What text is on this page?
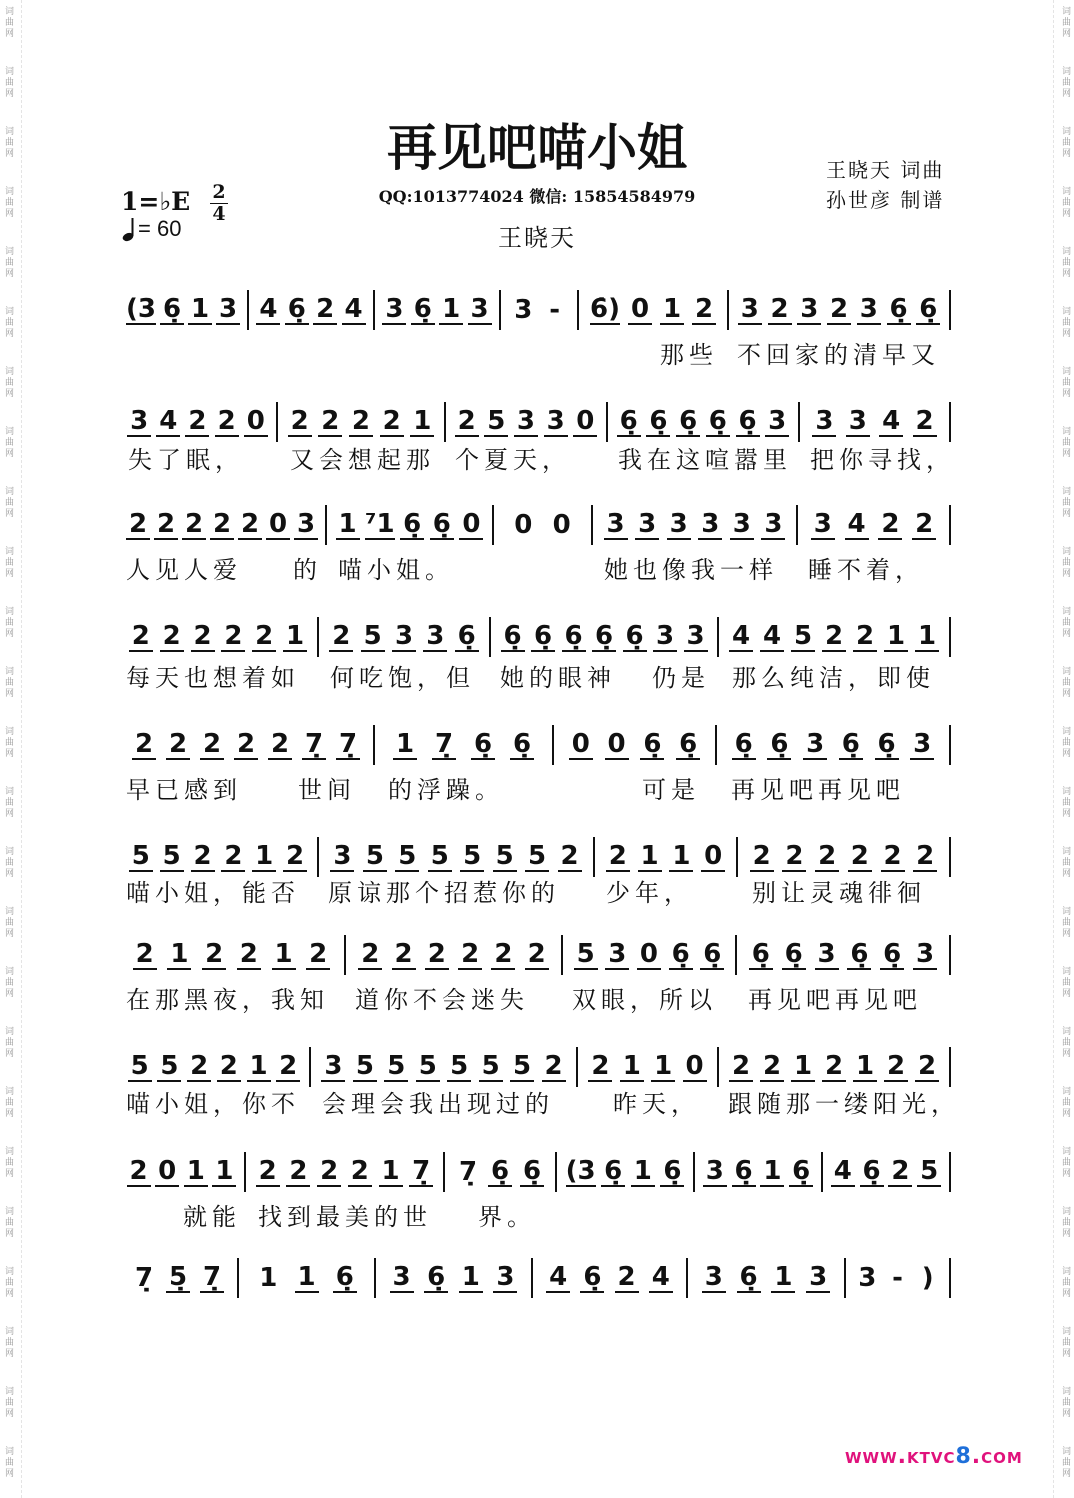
词曲网
词曲网
词曲网
词曲网
词曲网
词曲网
词曲网
词曲网
词曲网
词曲网
词曲网
词曲网
词曲网
词曲网
词曲网
词曲网
词曲网
词曲网
词曲网
词曲网
词曲网
词曲网
词曲网
词曲网
词曲网
词曲网
词曲网
词曲网
词曲网
词曲网
词曲网
词曲网
词曲网
词曲网
词曲网
词曲网
词曲网
词曲网
词曲网
词曲网
词曲网
词曲网
词曲网
词曲网
词曲网
词曲网
词曲网
词曲网
词曲网
词曲网
再见吧喵小姐
QQ:1013774024 微信: 15854584979
王晓天
王晓天 词曲
孙世彦 制谱
1=♭E 2
4
= 60
(3 6̣ 1 3 4 6̣ 2 4 3 6̣ 1 3 3 - 6̇) 0 1 2 3 2 3 2 3 6̣ 6̣
那些 不回家的清早又
3 4 2 2 0 2 2 2 2 1 2 5 3 3 0 6̣ 6̣ 6̣ 6̣ 6̣ 3 3 3 4 2
失了眠， 又会想起那 个夏天， 我在这喧嚣里 把你寻找，
2 2 2 2 2 0 3 1 ⁷1 6̣ 6̣ 0 0 0 3 3 3 3 3 3 3 4 2 2
人见人爱 的 喵小姐。	她也像我一样 睡不着，
2 2 2 2 2 1 2 5 3 3 6̣ 6̣ 6̣ 6̣ 6̣ 6̣ 3 3 4 4 5 2 2 1 1
每天也想着如 何吃饱，但 她的眼神 仍是 那么纯洁，即使
2 2 2 2 2 7̣ 7̣ 1 7̣ 6̣ 6̣ 0 0 6̣ 6̣ 6̣ 6̣ 3 6̣ 6̣ 3
早已感到 世间 的浮躁。	可是 再见吧再见吧
5 5 2 2 1 2 3 5 5 5 5 5 5 2 2 1 1 0 2 2 2 2 2 2
喵小姐，能否 原谅那个招惹你的 少年， 别让灵魂徘徊
2 1 2 2 1 2 2 2 2 2 2 2 5 3 0 6̣ 6̣ 6̣ 6̣ 3 6̣ 6̣ 3
在那黑夜，我知 道你不会迷失 双眼，所以 再见吧再见吧
5 5 2 2 1 2 3 5 5 5 5 5 5 2 2 1 1 0 2 2 1 2 1 2 2
喵小姐，你不 会理会我出现过的 昨天， 跟随那一缕阳光，
2 0 1 1 2 2 2 2 1 7̣ 7̣ 6̣ 6̣ (3 6̣ 1 6̣ 3 6̣ 1 6̣ 4 6̣ 2 5
就能 找到最美的世 界。
7̣ 5̣ 7̣ 1 1 6̣ 3 6̣ 1 3 4 6̣ 2 4 3 6̣ 1 3 3 - )
www.ktvc8.com
